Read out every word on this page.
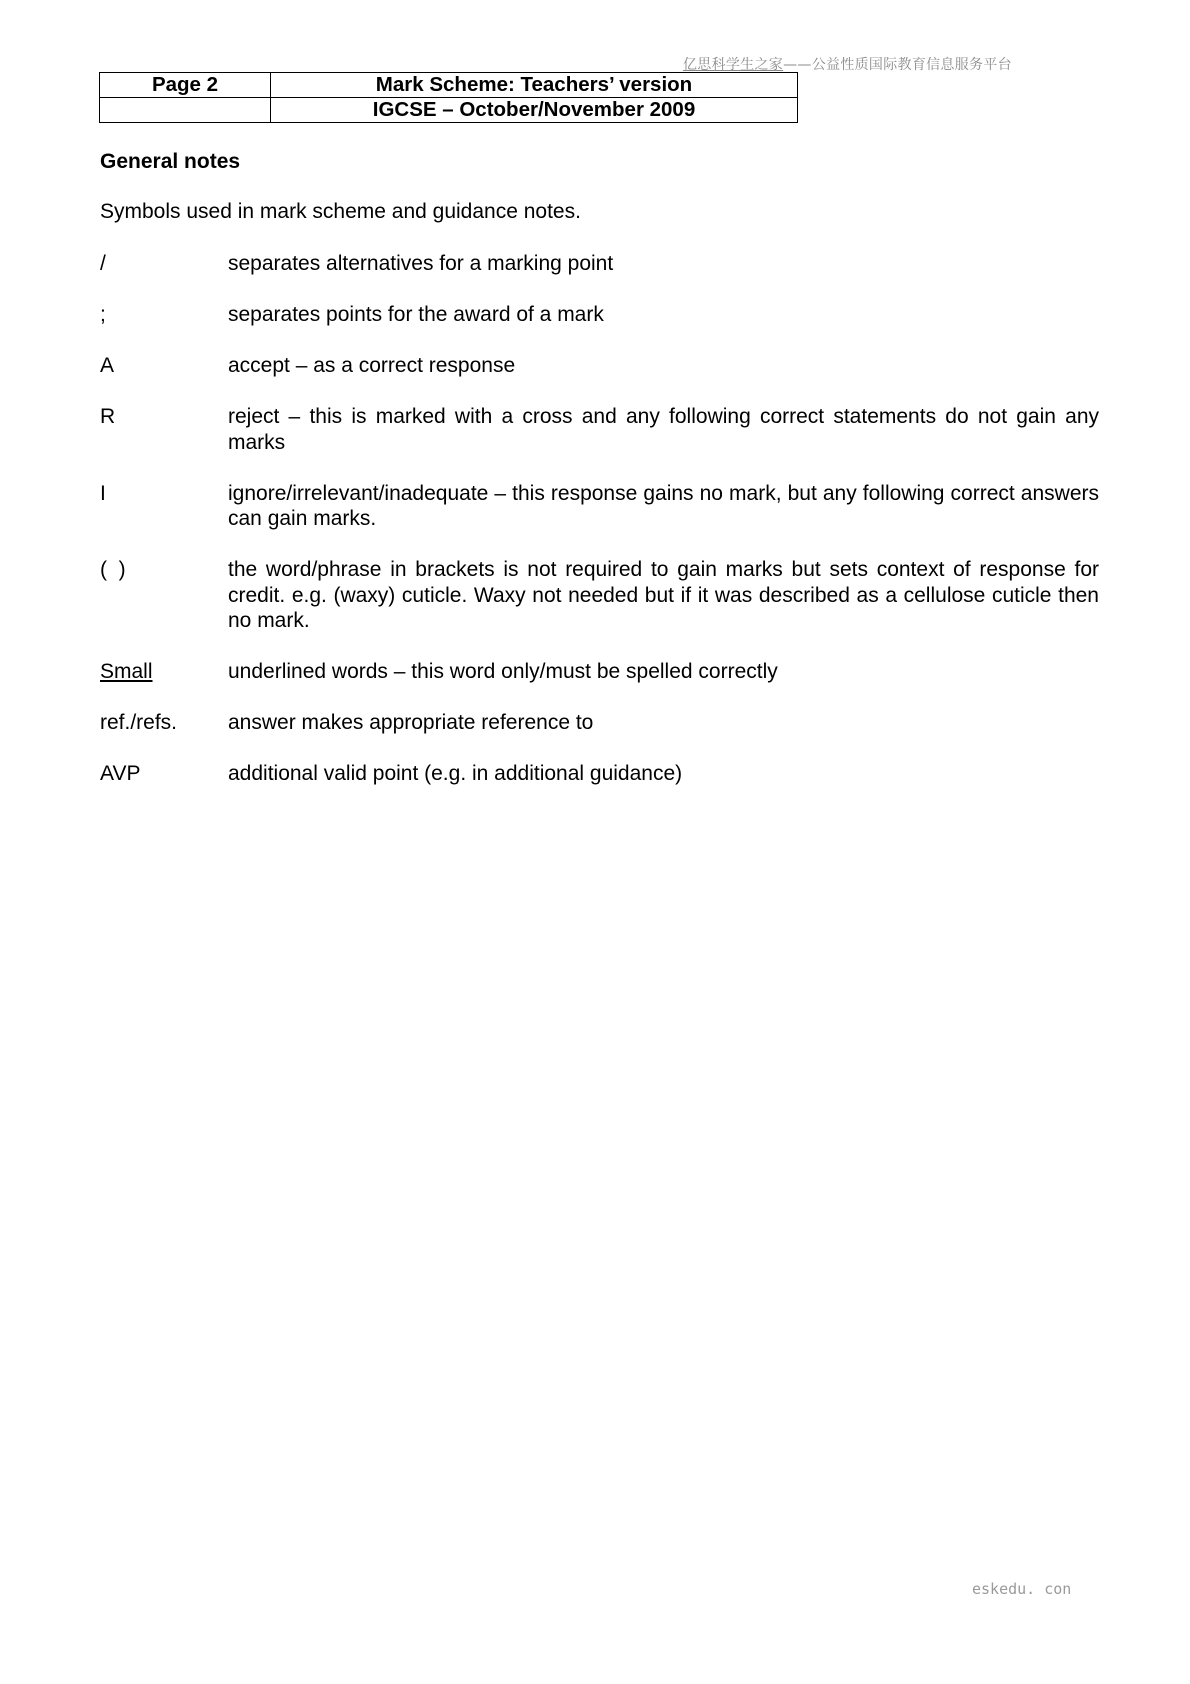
亿思科学生之家——公益性质国际教育信息服务平台
Page 2	Mark Scheme: Teachers’ version
	IGCSE – October/November 2009
General notes
Symbols used in mark scheme and guidance notes.
/	separates alternatives for a marking point
;	separates points for the award of a mark
A	accept – as a correct response
R	reject – this is marked with a cross and any following correct statements do not gain any marks
I	ignore/irrelevant/inadequate – this response gains no mark, but any following correct answers can gain marks.
(  )	the word/phrase in brackets is not required to gain marks but sets context of response for credit. e.g. (waxy) cuticle. Waxy not needed but if it was described as a cellulose cuticle then no mark.
Small	underlined words – this word only/must be spelled correctly
ref./refs.	answer makes appropriate reference to
AVP	additional valid point (e.g. in additional guidance)
eskedu. con
